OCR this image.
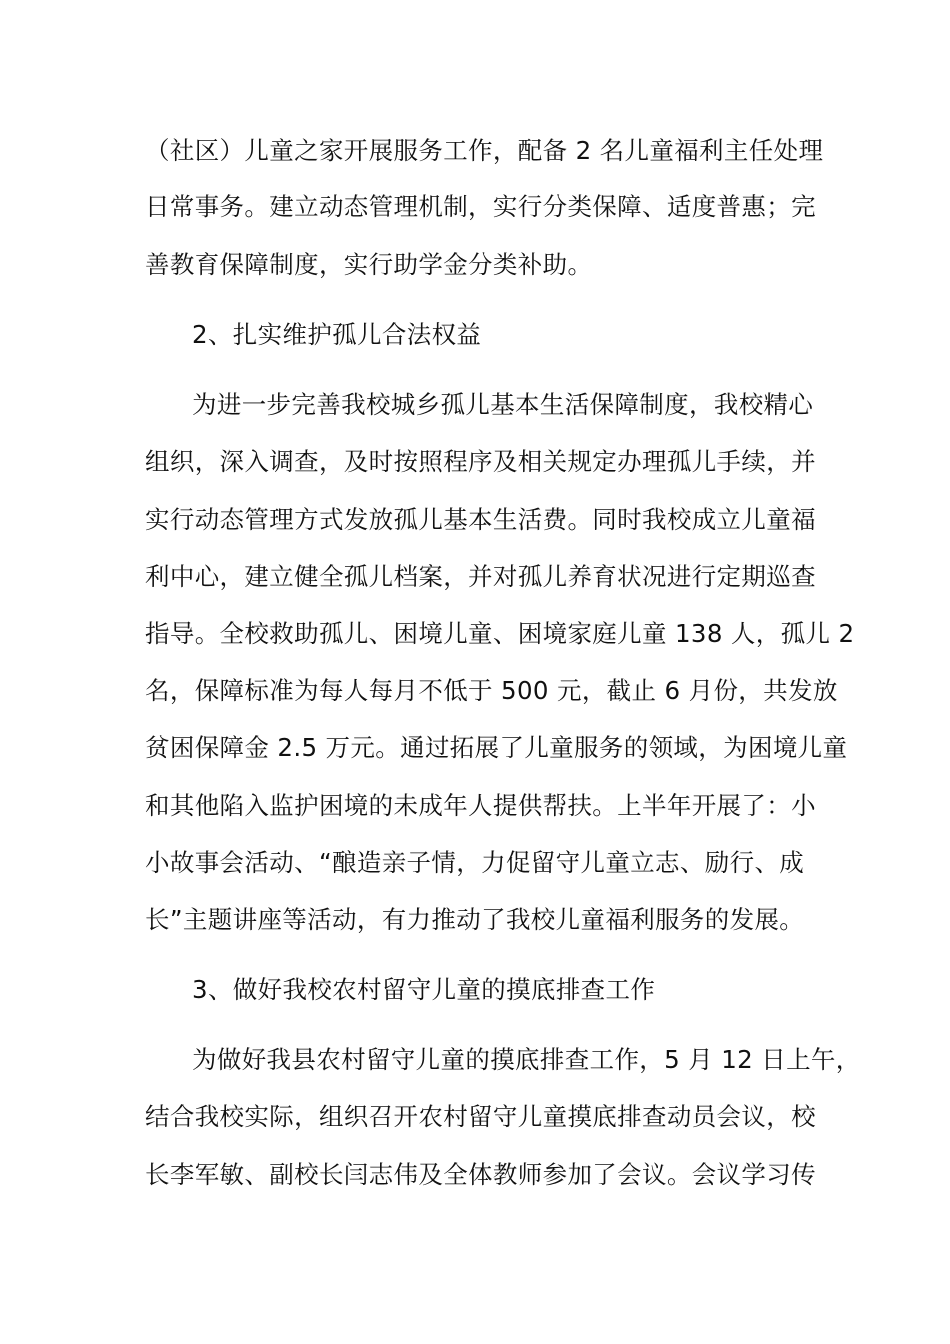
（社区）儿童之家开展服务工作，配备 2 名儿童福利主任处理
日常事务。建立动态管理机制，实行分类保障、适度普惠；完
善教育保障制度，实行助学金分类补助。
2、扎实维护孤儿合法权益
为进一步完善我校城乡孤儿基本生活保障制度，我校精心
组织，深入调查，及时按照程序及相关规定办理孤儿手续，并
实行动态管理方式发放孤儿基本生活费。同时我校成立儿童福
利中心，建立健全孤儿档案，并对孤儿养育状况进行定期巡查
指导。全校救助孤儿、困境儿童、困境家庭儿童 138 人，孤儿 2
名，保障标准为每人每月不低于 500 元，截止 6 月份，共发放
贫困保障金 2.5 万元。通过拓展了儿童服务的领域，为困境儿童
和其他陷入监护困境的未成年人提供帮扶。上半年开展了：小
小故事会活动、“酿造亲子情，力促留守儿童立志、励行、成
长”主题讲座等活动，有力推动了我校儿童福利服务的发展。
3、做好我校农村留守儿童的摸底排查工作
为做好我县农村留守儿童的摸底排查工作，5 月 12 日上午，
结合我校实际，组织召开农村留守儿童摸底排查动员会议，校
长李军敏、副校长闫志伟及全体教师参加了会议。会议学习传
